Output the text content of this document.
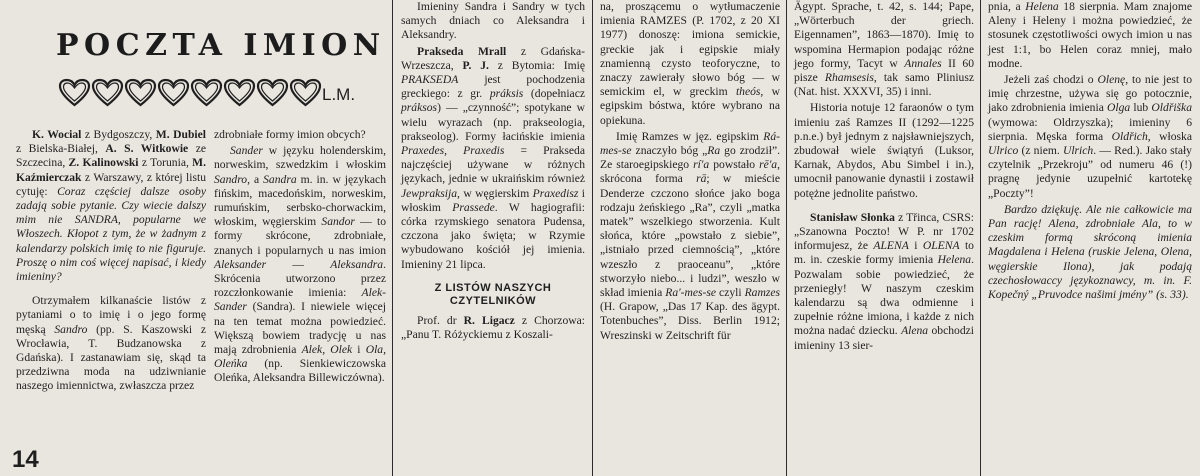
POCZTA IMION
L.M.

K. Wocial z Bydgoszczy, M. Dubiel z Bielska-Białej, A. S. Witkowie ze Szczecina, Z. Kalinowski z Torunia, M. Kaźmierczak z Warszawy, z której listu cytuję: Coraz częściej dalsze osoby zadają sobie pytanie. Czy wiecie dalszy mim nie SANDRA, popularne we Włoszech. Kłopot z tym, że w żadnym z kalendarzy polskich imię to nie figuruje. Proszę o nim coś więcej napisać, i kiedy imieniny?

Otrzymałem kilkanaście listów z pytaniami o to imię i o jego formę męską Sandro (pp. S. Kaszowski z Wrocławia, T. Budzanowska z Gdańska). I zastanawiam się, skąd ta przedziwna moda na udziwnianie naszego imiennictwa, zwłaszcza przez

zdrobniałe formy imion obcych?

Sander w języku holenderskim, norweskim, szwedzkim i włoskim Sandro, a Sandra m. in. w językach fińskim, macedońskim, norweskim, rumuńskim, serbsko-chorwackim, włoskim, węgierskim Sandor — to formy skrócone, zdrobniałe, znanych i popularnych u nas imion Aleksander — Aleksandra. Skrócenia utworzono przez rozczłonkowanie imienia: Alek-Sander (Sandra). I niewiele więcej na ten temat można powiedzieć. Większą bowiem tradycję u nas mają zdrobnienia Alek, Olek i Ola, Oleńka (np. Sienkiewiczowska Oleńka, Aleksandra Billewiczówna).

Imieniny Sandra i Sandry w tych samych dniach co Aleksandra i Aleksandry.

Prakseda Mrall z Gdańska-Wrzeszcza, P. J. z Bytomia: Imię PRAKSEDA jest pochodzenia greckiego: z gr. práksis (dopełniacz práksos) — „czynność”; spotykane w wielu wyrazach (np. prakseologia, prakseolog). Formy łacińskie imienia Praxedes, Praxedis = Prakseda najczęściej używane w różnych językach, jednie w ukraińskim również Jewpraksija, w węgierskim Praxedisz i włoskim Prassede. W hagiografii: córka rzymskiego senatora Pudensa, czczona jako święta; w Rzymie wybudowano kościół jej imienia. Imieniny 21 lipca.

Z LISTÓW NASZYCH CZYTELNIKÓW

Prof. dr R. Ligacz z Chorzowa: „Panu T. Różyckiemu z Koszali-

na, proszącemu o wytłumaczenie imienia RAMZES (P. 1702, z 20 XI 1977) donoszę: imiona semickie, greckie jak i egipskie miały znamienną czysto teoforyczne, to znaczy zawierały słowo bóg — w semickim el, w greckim theós, w egipskim bóstwa, które wybrano na opiekuna.

Imię Ramzes w jęz. egipskim Rá-mes-se znaczyło bóg „Ra go zrodził”. Ze staroegipskiego rí'a powstało rē'a, skrócona forma rā; w mieście Denderze czczono słońce jako boga rodzaju żeńskiego „Ra”, czyli „matka matek” wszelkiego stworzenia. Kult słońca, które „powstało z siebie”, „istniało przed ciemnością”, „które wzeszło z praoceanu”, „które stworzyło niebo... i ludzi”, weszło w skład imienia Ra'-mes-se czyli Ramzes (H. Grapow, „Das 17 Kap. des ägypt. Totenbuches”, Diss. Berlin 1912; Wreszinski w Zeitschrift für

Ägypt. Sprache, t. 42, s. 144; Pape, „Wörterbuch der griech. Eigennamen”, 1863—1870). Imię to wspomina Hermapion podając różne jego formy, Tacyt w Annales II 60 pisze Rhamsesis, tak samo Pliniusz (Nat. hist. XXXVI, 35) i inni.

Historia notuje 12 faraonów o tym imieniu zaś Ramzes II (1292—1225 p.n.e.) był jednym z najsławniejszych, zbudował wiele świątyń (Luksor, Karnak, Abydos, Abu Simbel i in.), umocnił panowanie dynastii i zostawił potężne jednolite państwo.

Stanisław Słonka z Třinca, CSRS: „Szanowna Poczto! W P. nr 1702 informujesz, że ALENA i OLENA to m. in. czeskie formy imienia Helena. Pozwalam sobie powiedzieć, że przeniegły! W naszym czeskim kalendarzu są dwa odmienne i zupełnie różne imiona, i każde z nich można nadać dziecku. Alena obchodzi imieniny 13 sier-

pnia, a Helena 18 sierpnia. Mam znajome Aleny i Heleny i można powiedzieć, że stosunek częstotliwości owych imion u nas jest 1:1, bo Helen coraz mniej, mało modne.

Jeżeli zaś chodzi o Olenę, to nie jest to imię chrzestne, używa się go potocznie, jako zdrobnienia imienia Olga lub Oldřiška (wymowa: Oldrzyszka); imieniny 6 sierpnia. Męska forma Oldřich, włoska Ulrico (z niem. Ulrich. — Red.). Jako stały czytelnik „Przekroju” od numeru 46 (!) pragnę jedynie uzupełnić kartotekę „Poczty”!

Bardzo dziękuję. Ale nie całkowicie ma Pan rację! Alena, zdrobniałe Ala, to w czeskim formą skróconą imienia Magdalena i Helena (ruskie Jelena, Olena, węgierskie Ilona), jak podają czechosłowaccy językoznawcy, m. in. F. Kopečný „Pruvodce našimi jmény” (s. 33).

14
